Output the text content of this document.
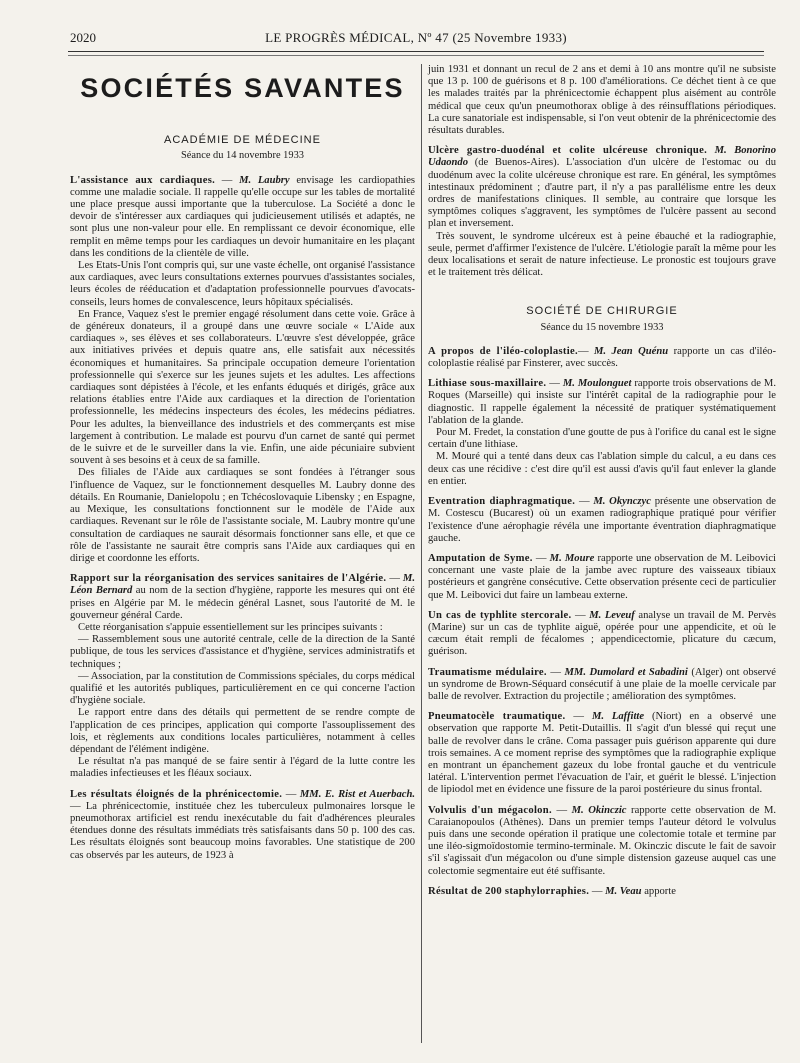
2020	LE PROGRÈS MÉDICAL, Nº 47 (25 Novembre 1933)
SOCIÉTÉS SAVANTES
ACADÉMIE DE MÉDECINE
Séance du 14 novembre 1933

L'assistance aux cardiaques. — M. Laubry envisage les cardiopathies comme une maladie sociale. Il rappelle qu'elle occupe sur les tables de mortalité une place presque aussi importante que la tuberculose. La Société a donc le devoir de s'intéresser aux cardiaques qui judicieusement utilisés et adaptés, ne sont plus une non-valeur pour elle. En remplissant ce devoir économique, elle remplit en même temps pour les cardiaques un devoir humanitaire en les plaçant dans les conditions de la clientèle de ville.

Les Etats-Unis l'ont compris qui, sur une vaste échelle, ont organisé l'assistance aux cardiaques, avec leurs consultations externes pourvues d'assistantes sociales, leurs écoles de rééducation et d'adaptation professionnelle pourvues d'avocats-conseils, leurs homes de convalescence, leurs hôpitaux spécialisés.

En France, Vaquez s'est le premier engagé résolument dans cette voie. Grâce à de généreux donateurs, il a groupé dans une œuvre sociale « L'Aide aux cardiaques », ses élèves et ses collaborateurs. L'œuvre s'est développée, grâce aux initiatives privées et depuis quatre ans, elle satisfait aux nécessités économiques et humanitaires. Sa principale occupation demeure l'orientation professionnelle qui s'exerce sur les jeunes sujets et les adultes. Les affections cardiaques sont dépistées à l'école, et les enfants éduqués et dirigés, grâce aux relations établies entre l'Aide aux cardiaques et la direction de l'orientation professionnelle, les médecins inspecteurs des écoles, les médecins pédiatres. Pour les adultes, la bienveillance des industriels et des commerçants est mise largement à contribution. Le malade est pourvu d'un carnet de santé qui permet de le suivre et de le surveiller dans la vie. Enfin, une aide pécuniaire subvient souvent à ses besoins et à ceux de sa famille.

Des filiales de l'Aide aux cardiaques se sont fondées à l'étranger sous l'influence de Vaquez, sur le fonctionnement desquelles M. Laubry donne des détails. En Roumanie, Danielopolu ; en Tchécoslovaquie Libensky ; en Espagne, au Mexique, les consultations fonctionnent sur le modèle de l'Aide aux cardiaques. Revenant sur le rôle de l'assistante sociale, M. Laubry montre qu'une consultation de cardiaques ne saurait désormais fonctionner sans elle, et que ce rôle de l'assistante ne saurait être compris sans l'Aide aux cardiaques qui en dirige et coordonne les efforts.

Rapport sur la réorganisation des services sanitaires de l'Algérie. — M. Léon Bernard au nom de la section d'hygiène, rapporte les mesures qui ont été prises en Algérie par M. le médecin général Lasnet, sous l'autorité de M. le gouverneur général Carde.

Cette réorganisation s'appuie essentiellement sur les principes suivants :

— Rassemblement sous une autorité centrale, celle de la direction de la Santé publique, de tous les services d'assistance et d'hygiène, services administratifs et techniques ;

— Association, par la constitution de Commissions spéciales, du corps médical qualifié et les autorités publiques, particulièrement en ce qui concerne l'action d'hygiène sociale.

Le rapport entre dans des détails qui permettent de se rendre compte de l'application de ces principes, application qui comporte l'assouplissement des lois, et règlements aux conditions locales particulières, notamment à celles dépendant de l'élément indigène.

Le résultat n'a pas manqué de se faire sentir à l'égard de la lutte contre les maladies infectieuses et les fléaux sociaux.

Les résultats éloignés de la phrénicectomie. — MM. E. Rist et Auerbach. — La phrénicectomie, instituée chez les tuberculeux pulmonaires lorsque le pneumothorax artificiel est rendu inexécutable du fait d'adhérences pleurales étendues donne des résultats immédiats très satisfaisants dans 50 p. 100 des cas. Les résultats éloignés sont beaucoup moins favorables. Une statistique de 200 cas observés par les auteurs, de 1923 à

juin 1931 et donnant un recul de 2 ans et demi à 10 ans montre qu'il ne subsiste que 13 p. 100 de guérisons et 8 p. 100 d'améliorations. Ce déchet tient à ce que les malades traités par la phrénicectomie échappent plus aisément au contrôle médical que ceux qu'un pneumothorax oblige à des réinsufflations périodiques. La cure sanatoriale est indispensable, si l'on veut obtenir de la phrénicectomie des résultats durables.

Ulcère gastro-duodénal et colite ulcéreuse chronique. M. Bonorino Udaondo (de Buenos-Aires). L'association d'un ulcère de l'estomac ou du duodénum avec la colite ulcéreuse chronique est rare. En général, les symptômes intestinaux prédominent ; d'autre part, il n'y a pas parallélisme entre les deux ordres de manifestations cliniques. Il semble, au contraire que lorsque les symptômes coliques s'aggravent, les symptômes de l'ulcère passent au second plan et inversement.

Très souvent, le syndrome ulcéreux est à peine ébauché et la radiographie, seule, permet d'affirmer l'existence de l'ulcère. L'étiologie paraît la même pour les deux localisations et serait de nature infectieuse. Le pronostic est toujours grave et le traitement très délicat.

SOCIÉTÉ DE CHIRURGIE
Séance du 15 novembre 1933

A propos de l'iléo-coloplastie.— M. Jean Quénu rapporte un cas d'iléo-coloplastie réalisé par Finsterer, avec succès.

Lithiase sous-maxillaire. — M. Moulonguet rapporte trois observations de M. Roques (Marseille) qui insiste sur l'intérêt capital de la radiographie pour le diagnostic. Il rappelle également la nécessité de pratiquer systématiquement l'ablation de la glande.

Pour M. Fredet, la constation d'une goutte de pus à l'orifice du canal est le signe certain d'une lithiase.

M. Mouré qui a tenté dans deux cas l'ablation simple du calcul, a eu dans ces deux cas une récidive : c'est dire qu'il est aussi d'avis qu'il faut enlever la glande en entier.

Eventration diaphragmatique. — M. Okynczyc présente une observation de M. Costescu (Bucarest) où un examen radiographique pratiqué pour vérifier l'existence d'une aérophagie révéla une importante éventration diaphragmatique gauche.

Amputation de Syme. — M. Moure rapporte une observation de M. Leibovici concernant une vaste plaie de la jambe avec rupture des vaisseaux tibiaux postérieurs et gangrène consécutive. Cette observation présente ceci de particulier que M. Leibovici dut faire un lambeau externe.

Un cas de typhlite stercorale. — M. Leveuf analyse un travail de M. Pervès (Marine) sur un cas de typhlite aiguë, opérée pour une appendicite, et où le cæcum était rempli de fécalomes ; appendicectomie, plicature du cæcum, guérison.

Traumatisme médulaire. — MM. Dumolard et Sabadini (Alger) ont observé un syndrome de Brown-Séquard consécutif à une plaie de la moelle cervicale par balle de revolver. Extraction du projectile ; amélioration des symptômes.

Pneumatocèle traumatique. — M. Laffitte (Niort) en a observé une observation que rapporte M. Petit-Dutaillis. Il s'agit d'un blessé qui reçut une balle de revolver dans le crâne. Coma passager puis guérison apparente qui dure trois semaines. A ce moment reprise des symptômes que la radiographie explique en montrant un épanchement gazeux du lobe frontal gauche et du ventricule latéral. L'intervention permet l'évacuation de l'air, et guérit le blessé. L'injection de lipiodol met en évidence une fissure de la paroi postérieure du sinus frontal.

Volvulis d'un mégacolon. — M. Okinczic rapporte cette observation de M. Caraianopoulos (Athènes). Dans un premier temps l'auteur détord le volvulus puis dans une seconde opération il pratique une colectomie totale et termine par une iléo-sigmoïdostomie termino-terminale. M. Okinczic discute le fait de savoir s'il s'agissait d'un mégacolon ou d'une simple distension gazeuse auquel cas une colectomie segmentaire eut été suffisante.

Résultat de 200 staphylorraphies. — M. Veau apporte
